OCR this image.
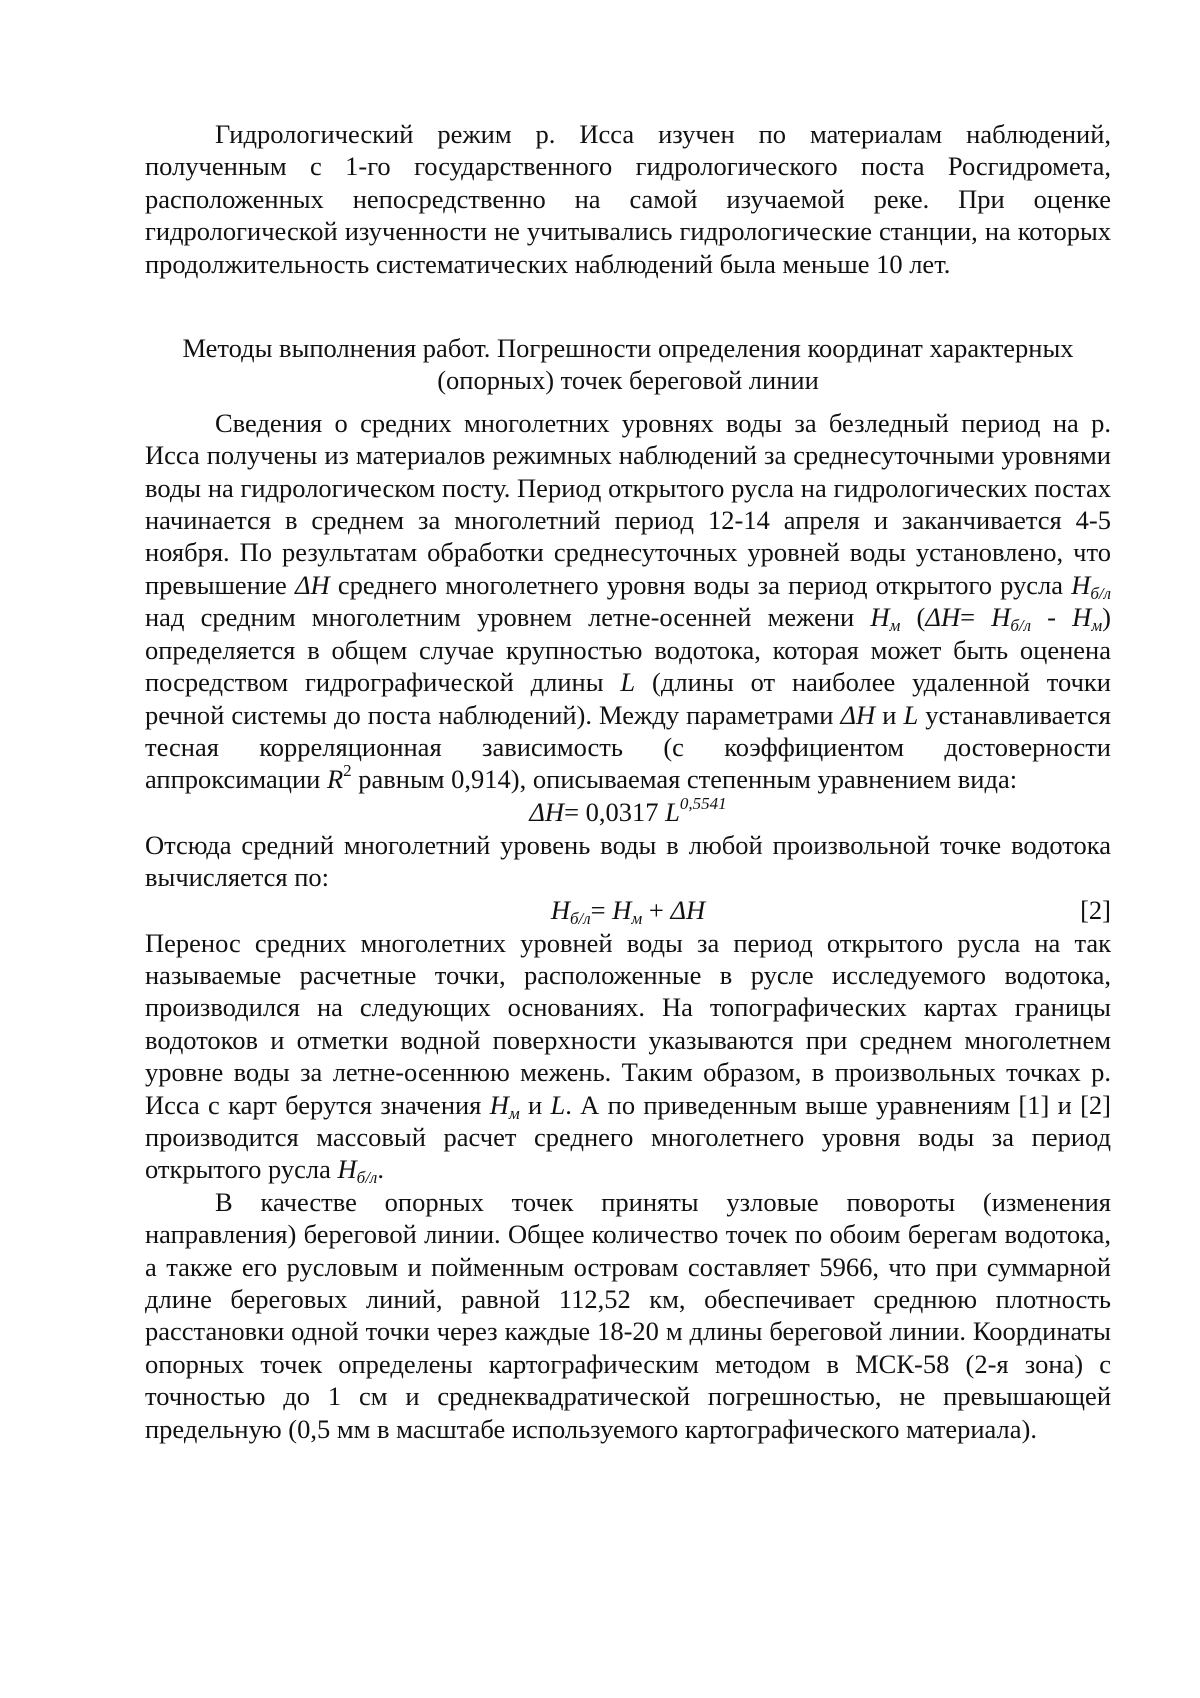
Гидрологический режим р. Исса изучен по материалам наблюдений, полученным с 1-го государственного гидрологического поста Росгидромета, расположенных непосредственно на самой изучаемой реке. При оценке гидрологической изученности не учитывались гидрологические станции, на которых продолжительность систематических наблюдений была меньше 10 лет.

Методы выполнения работ. Погрешности определения координат характерных
(опорных) точек береговой линии

Сведения о средних многолетних уровнях воды за безледный период на р. Исса получены из материалов режимных наблюдений за среднесуточными уровнями воды на гидрологическом посту. Период открытого русла на гидрологических постах начинается в среднем за многолетний период 12-14 апреля и заканчивается 4-5 ноября. По результатам обработки среднесуточных уровней воды установлено, что превышение ΔH среднего многолетнего уровня воды за период открытого русла $H_{б/л}$ над средним многолетним уровнем летне-осенней межени $H_м$ $(\Delta H= H_{б/л} - H_м)$ определяется в общем случае крупностью водотока, которая может быть оценена посредством гидрографической длины L (длины от наиболее удаленной точки речной системы до поста наблюдений). Между параметрами ΔH и L устанавливается тесная корреляционная зависимость (с коэффициентом достоверности аппроксимации $R^2$ равным 0,914), описываемая степенным уравнением вида:

ΔH= 0,0317 $L^{0,5541}$

Отсюда средний многолетний уровень воды в любой произвольной точке водотока вычисляется по:

$H_{б/л}= H_м + \Delta H$	[2]

Перенос средних многолетних уровней воды за период открытого русла на так называемые расчетные точки, расположенные в русле исследуемого водотока, производился на следующих основаниях. На топографических картах границы водотоков и отметки водной поверхности указываются при среднем многолетнем уровне воды за летне-осеннюю межень. Таким образом, в произвольных точках р. Исса с карт берутся значения $H_м$ и L. А по приведенным выше уравнениям [1] и [2] производится массовый расчет среднего многолетнего уровня воды за период открытого русла $H_{б/л}$.

В качестве опорных точек приняты узловые повороты (изменения направления) береговой линии. Общее количество точек по обоим берегам водотока, а также его русловым и пойменным островам составляет 5966, что при суммарной длине береговых линий, равной 112,52 км, обеспечивает среднюю плотность расстановки одной точки через каждые 18-20 м длины береговой линии. Координаты опорных точек определены картографическим методом в МСК-58 (2-я зона) с точностью до 1 см и среднеквадратической погрешностью, не превышающей предельную (0,5 мм в масштабе используемого картографического материала).
